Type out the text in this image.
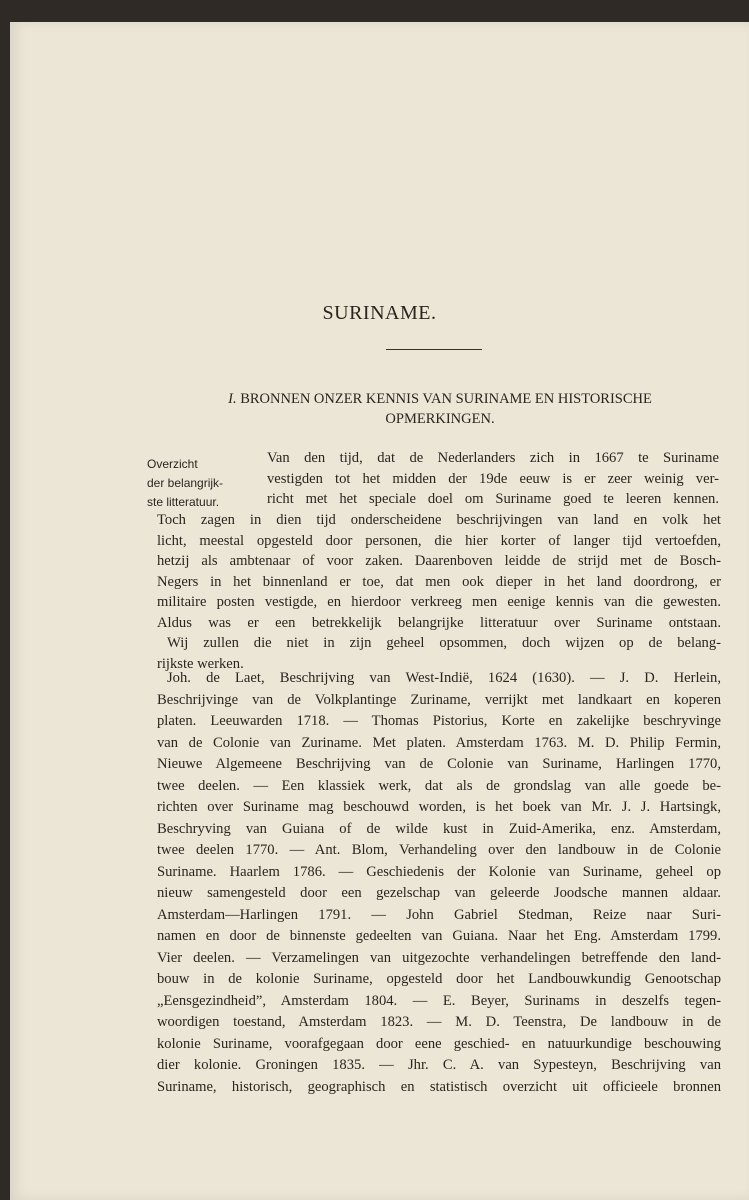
SURINAME.
I. BRONNEN ONZER KENNIS VAN SURINAME EN HISTORISCHE
OPMERKINGEN.
Overzicht
der belangrijk-
ste litteratuur.
Van den tijd, dat de Nederlanders zich in 1667 te Suriname
vestigden tot het midden der 19de eeuw is er zeer weinig ver-
richt met het speciale doel om Suriname goed te leeren kennen.
Toch zagen in dien tijd onderscheidene beschrijvingen van land en volk het
licht, meestal opgesteld door personen, die hier korter of langer tijd vertoefden,
hetzij als ambtenaar of voor zaken. Daarenboven leidde de strijd met de Bosch-
Negers in het binnenland er toe, dat men ook dieper in het land doordrong, er
militaire posten vestigde, en hierdoor verkreeg men eenige kennis van die gewesten.
Aldus was er een betrekkelijk belangrijke litteratuur over Suriname ontstaan.
Wij zullen die niet in zijn geheel opsommen, doch wijzen op de belang-
rijkste werken.
Joh. de Laet, Beschrijving van West-Indië, 1624 (1630). — J. D. Herlein,
Beschrijvinge van de Volkplantinge Zuriname, verrijkt met landkaart en koperen
platen. Leeuwarden 1718. — Thomas Pistorius, Korte en zakelijke beschryvinge
van de Colonie van Zuriname. Met platen. Amsterdam 1763. M. D. Philip Fermin,
Nieuwe Algemeene Beschrijving van de Colonie van Suriname, Harlingen 1770,
twee deelen. — Een klassiek werk, dat als de grondslag van alle goede be-
richten over Suriname mag beschouwd worden, is het boek van Mr. J. J. Hartsingk,
Beschryving van Guiana of de wilde kust in Zuid-Amerika, enz. Amsterdam,
twee deelen 1770. — Ant. Blom, Verhandeling over den landbouw in de Colonie
Suriname. Haarlem 1786. — Geschiedenis der Kolonie van Suriname, geheel op
nieuw samengesteld door een gezelschap van geleerde Joodsche mannen aldaar.
Amsterdam—Harlingen 1791. — John Gabriel Stedman, Reize naar Suri-
namen en door de binnenste gedeelten van Guiana. Naar het Eng. Amsterdam 1799.
Vier deelen. — Verzamelingen van uitgezochte verhandelingen betreffende den land-
bouw in de kolonie Suriname, opgesteld door het Landbouwkundig Genootschap
„Eensgezindheid”, Amsterdam 1804. — E. Beyer, Surinams in deszelfs tegen-
woordigen toestand, Amsterdam 1823. — M. D. Teenstra, De landbouw in de
kolonie Suriname, voorafgegaan door eene geschied- en natuurkundige beschouwing
dier kolonie. Groningen 1835. — Jhr. C. A. van Sypesteyn, Beschrijving van
Suriname, historisch, geographisch en statistisch overzicht uit officieele bronnen
